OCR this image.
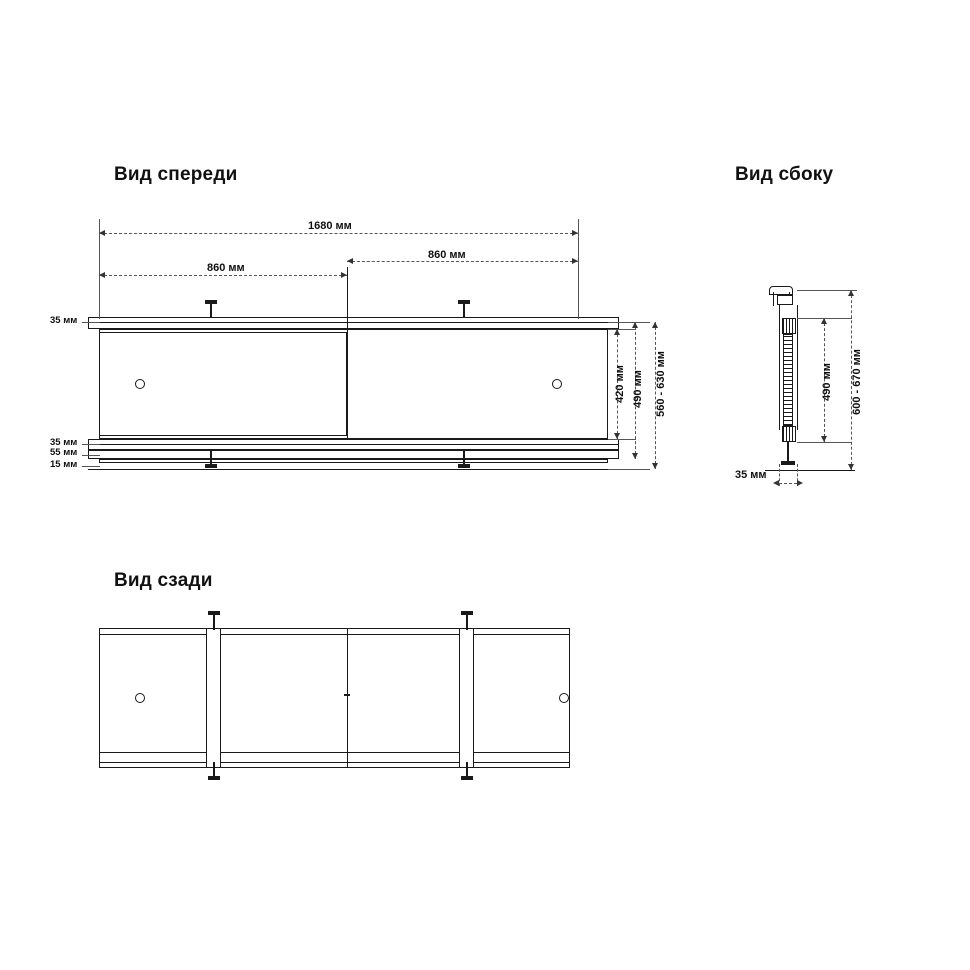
Вид спереди	Вид сбоку
Вид сзади
1680 мм
860 мм
860 мм
35 мм
35 мм
55 мм
15 мм
420 мм 490 мм 560 - 630 мм
35 мм
490 мм 600 - 670 мм
